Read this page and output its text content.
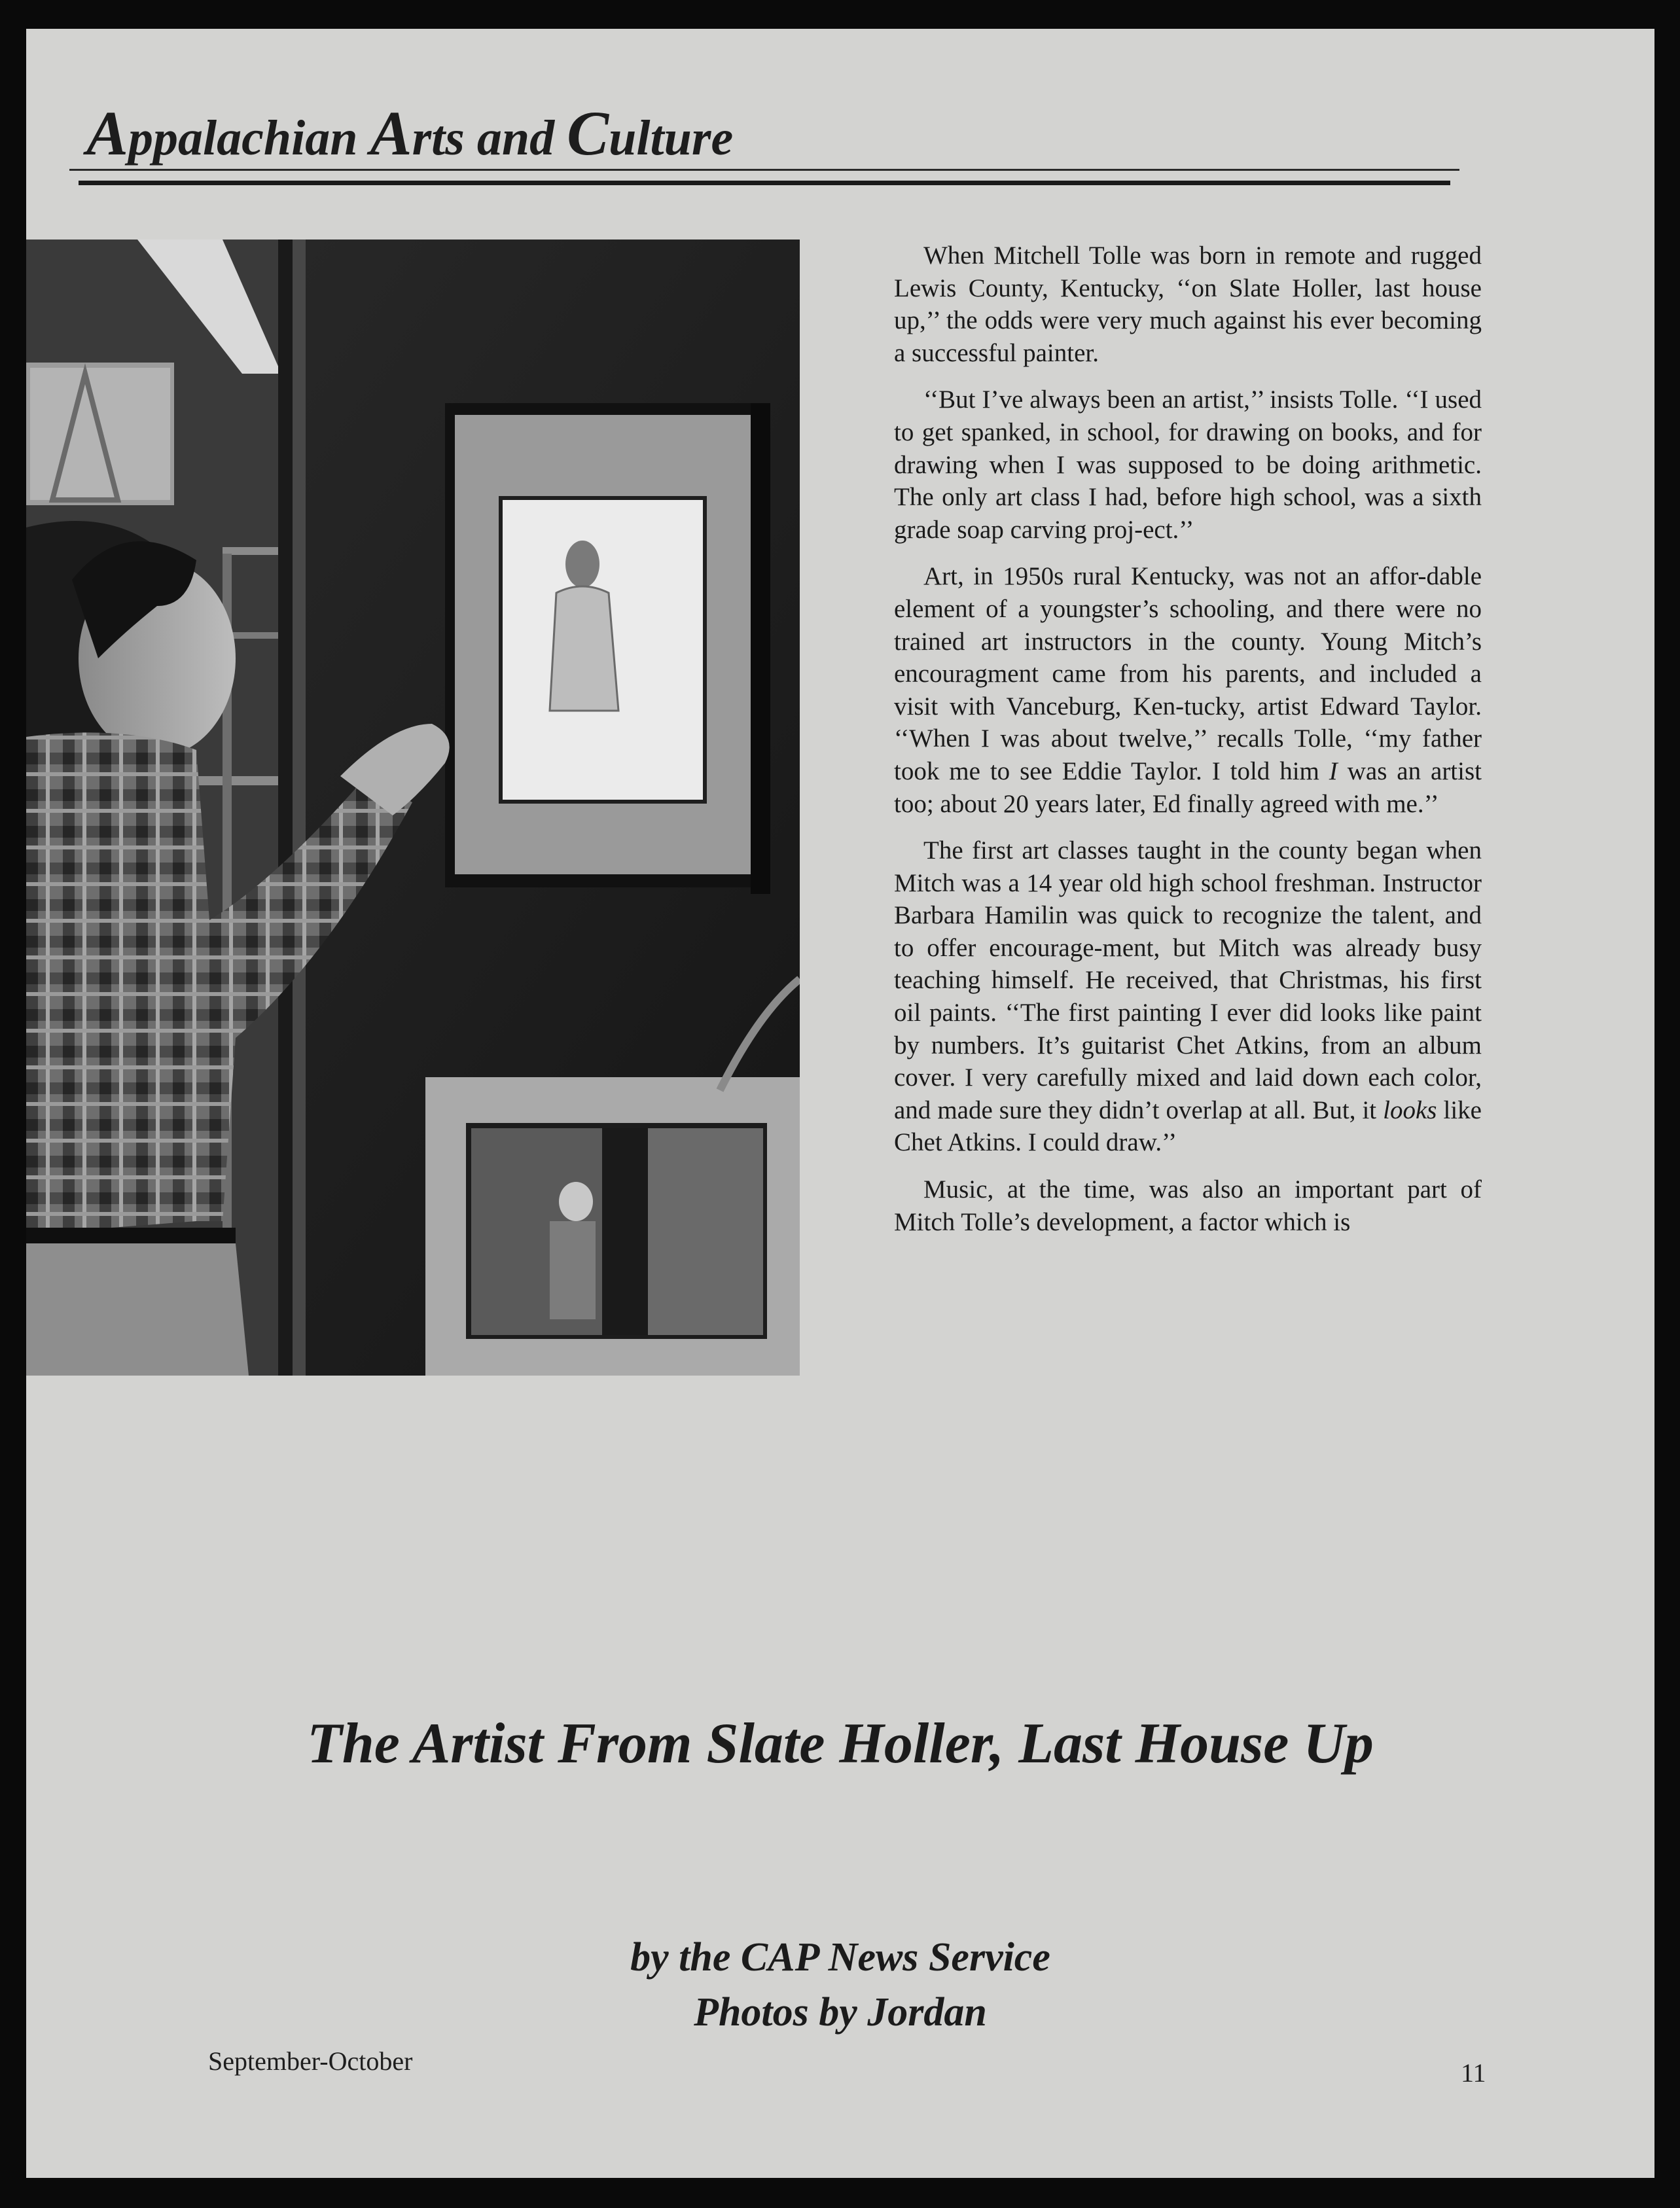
Appalachian Arts and Culture

When Mitchell Tolle was born in remote and rugged Lewis County, Kentucky, ‘‘on Slate Holler, last house up,’’ the odds were very much against his ever becoming a successful painter.

‘‘But I’ve always been an artist,’’ insists Tolle. ‘‘I used to get spanked, in school, for drawing on books, and for drawing when I was supposed to be doing arithmetic. The only art class I had, before high school, was a sixth grade soap carving proj-ect.’’

Art, in 1950s rural Kentucky, was not an affor-dable element of a youngster’s schooling, and there were no trained art instructors in the county. Young Mitch’s encouragment came from his parents, and included a visit with Vanceburg, Ken-tucky, artist Edward Taylor. ‘‘When I was about twelve,’’ recalls Tolle, ‘‘my father took me to see Eddie Taylor. I told him I was an artist too; about 20 years later, Ed finally agreed with me.’’

The first art classes taught in the county began when Mitch was a 14 year old high school freshman. Instructor Barbara Hamilin was quick to recognize the talent, and to offer encourage-ment, but Mitch was already busy teaching himself. He received, that Christmas, his first oil paints. ‘‘The first painting I ever did looks like paint by numbers. It’s guitarist Chet Atkins, from an album cover. I very carefully mixed and laid down each color, and made sure they didn’t overlap at all. But, it looks like Chet Atkins. I could draw.’’

Music, at the time, was also an important part of Mitch Tolle’s development, a factor which is

The Artist From Slate Holler, Last House Up
by the CAP News Service
Photos by Jordan
September-October	11
